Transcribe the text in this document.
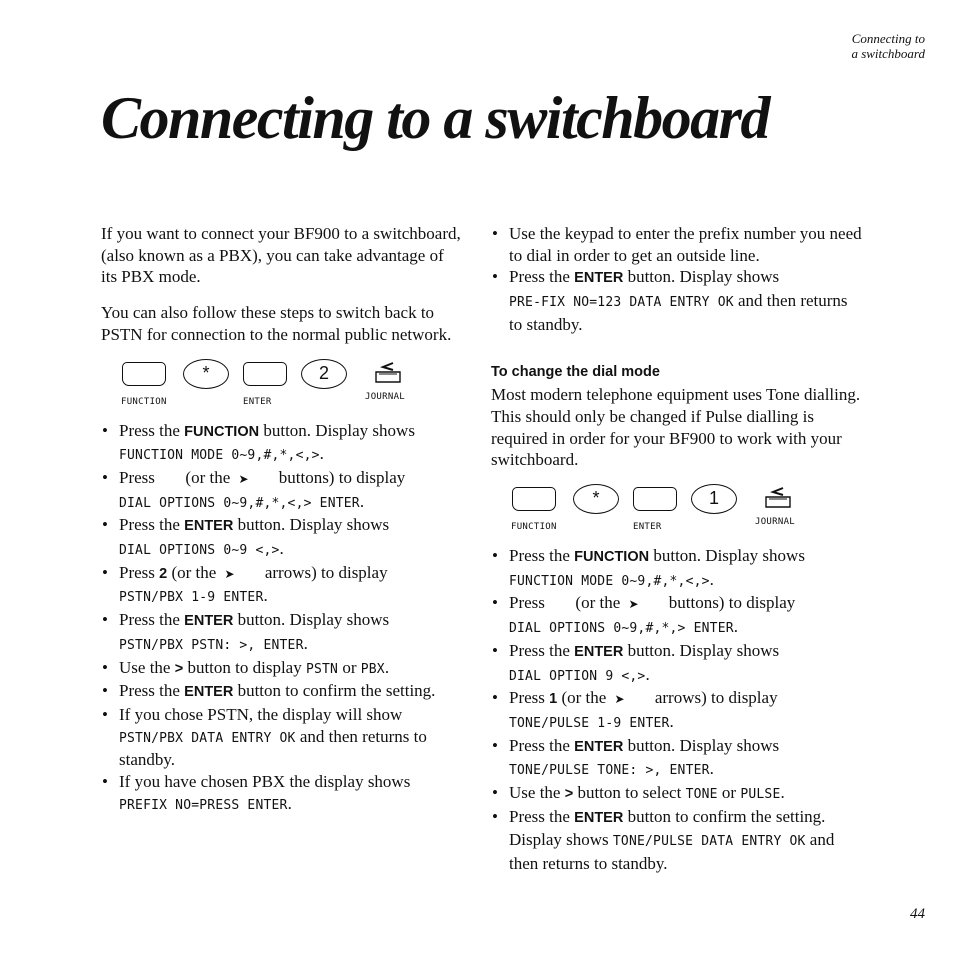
Connecting to
a switchboard
Connecting to a switchboard

If you want to connect your BF900 to a switchboard, (also known as a PBX), you can take advantage of its PBX mode.

You can also follow these steps to switch back to PSTN for connection to the normal public network.

FUNCTION
*
ENTER
2
JOURNAL
• Press the FUNCTION button. Display shows
FUNCTION MODE 0~9,#,*,<,>.
• Press  (or the ➤ buttons) to display
DIAL OPTIONS 0~9,#,*,<,> ENTER.
• Press the ENTER button. Display shows
DIAL OPTIONS 0~9 <,>.
• Press 2 (or the ➤ arrows) to display
PSTN/PBX 1-9 ENTER.
• Press the ENTER button. Display shows
PSTN/PBX PSTN: >, ENTER.
• Use the > button to display PSTN or PBX.
• Press the ENTER button to confirm the setting.
• If you chose PSTN, the display will show
PSTN/PBX DATA ENTRY OK and then returns to standby.
• If you have chosen PBX the display shows
PREFIX NO=PRESS ENTER.
• Use the keypad to enter the prefix number you need to dial in order to get an outside line.
• Press the ENTER button. Display shows
PRE-FIX NO=123 DATA ENTRY OK and then returns to standby.
To change the dial mode

Most modern telephone equipment uses Tone dialling. This should only be changed if Pulse dialling is required in order for your BF900 to work with your switchboard.

FUNCTION
*
ENTER
1
JOURNAL
• Press the FUNCTION button. Display shows
FUNCTION MODE 0~9,#,*,<,>.
• Press  (or the ➤ buttons) to display
DIAL OPTIONS 0~9,#,*,> ENTER.
• Press the ENTER button. Display shows
DIAL OPTION 9 <,>.
• Press 1 (or the ➤ arrows) to display
TONE/PULSE 1-9 ENTER.
• Press the ENTER button. Display shows
TONE/PULSE TONE: >, ENTER.
• Use the > button to select TONE or PULSE.
• Press the ENTER button to confirm the setting. Display shows TONE/PULSE DATA ENTRY OK and then returns to standby.
44
